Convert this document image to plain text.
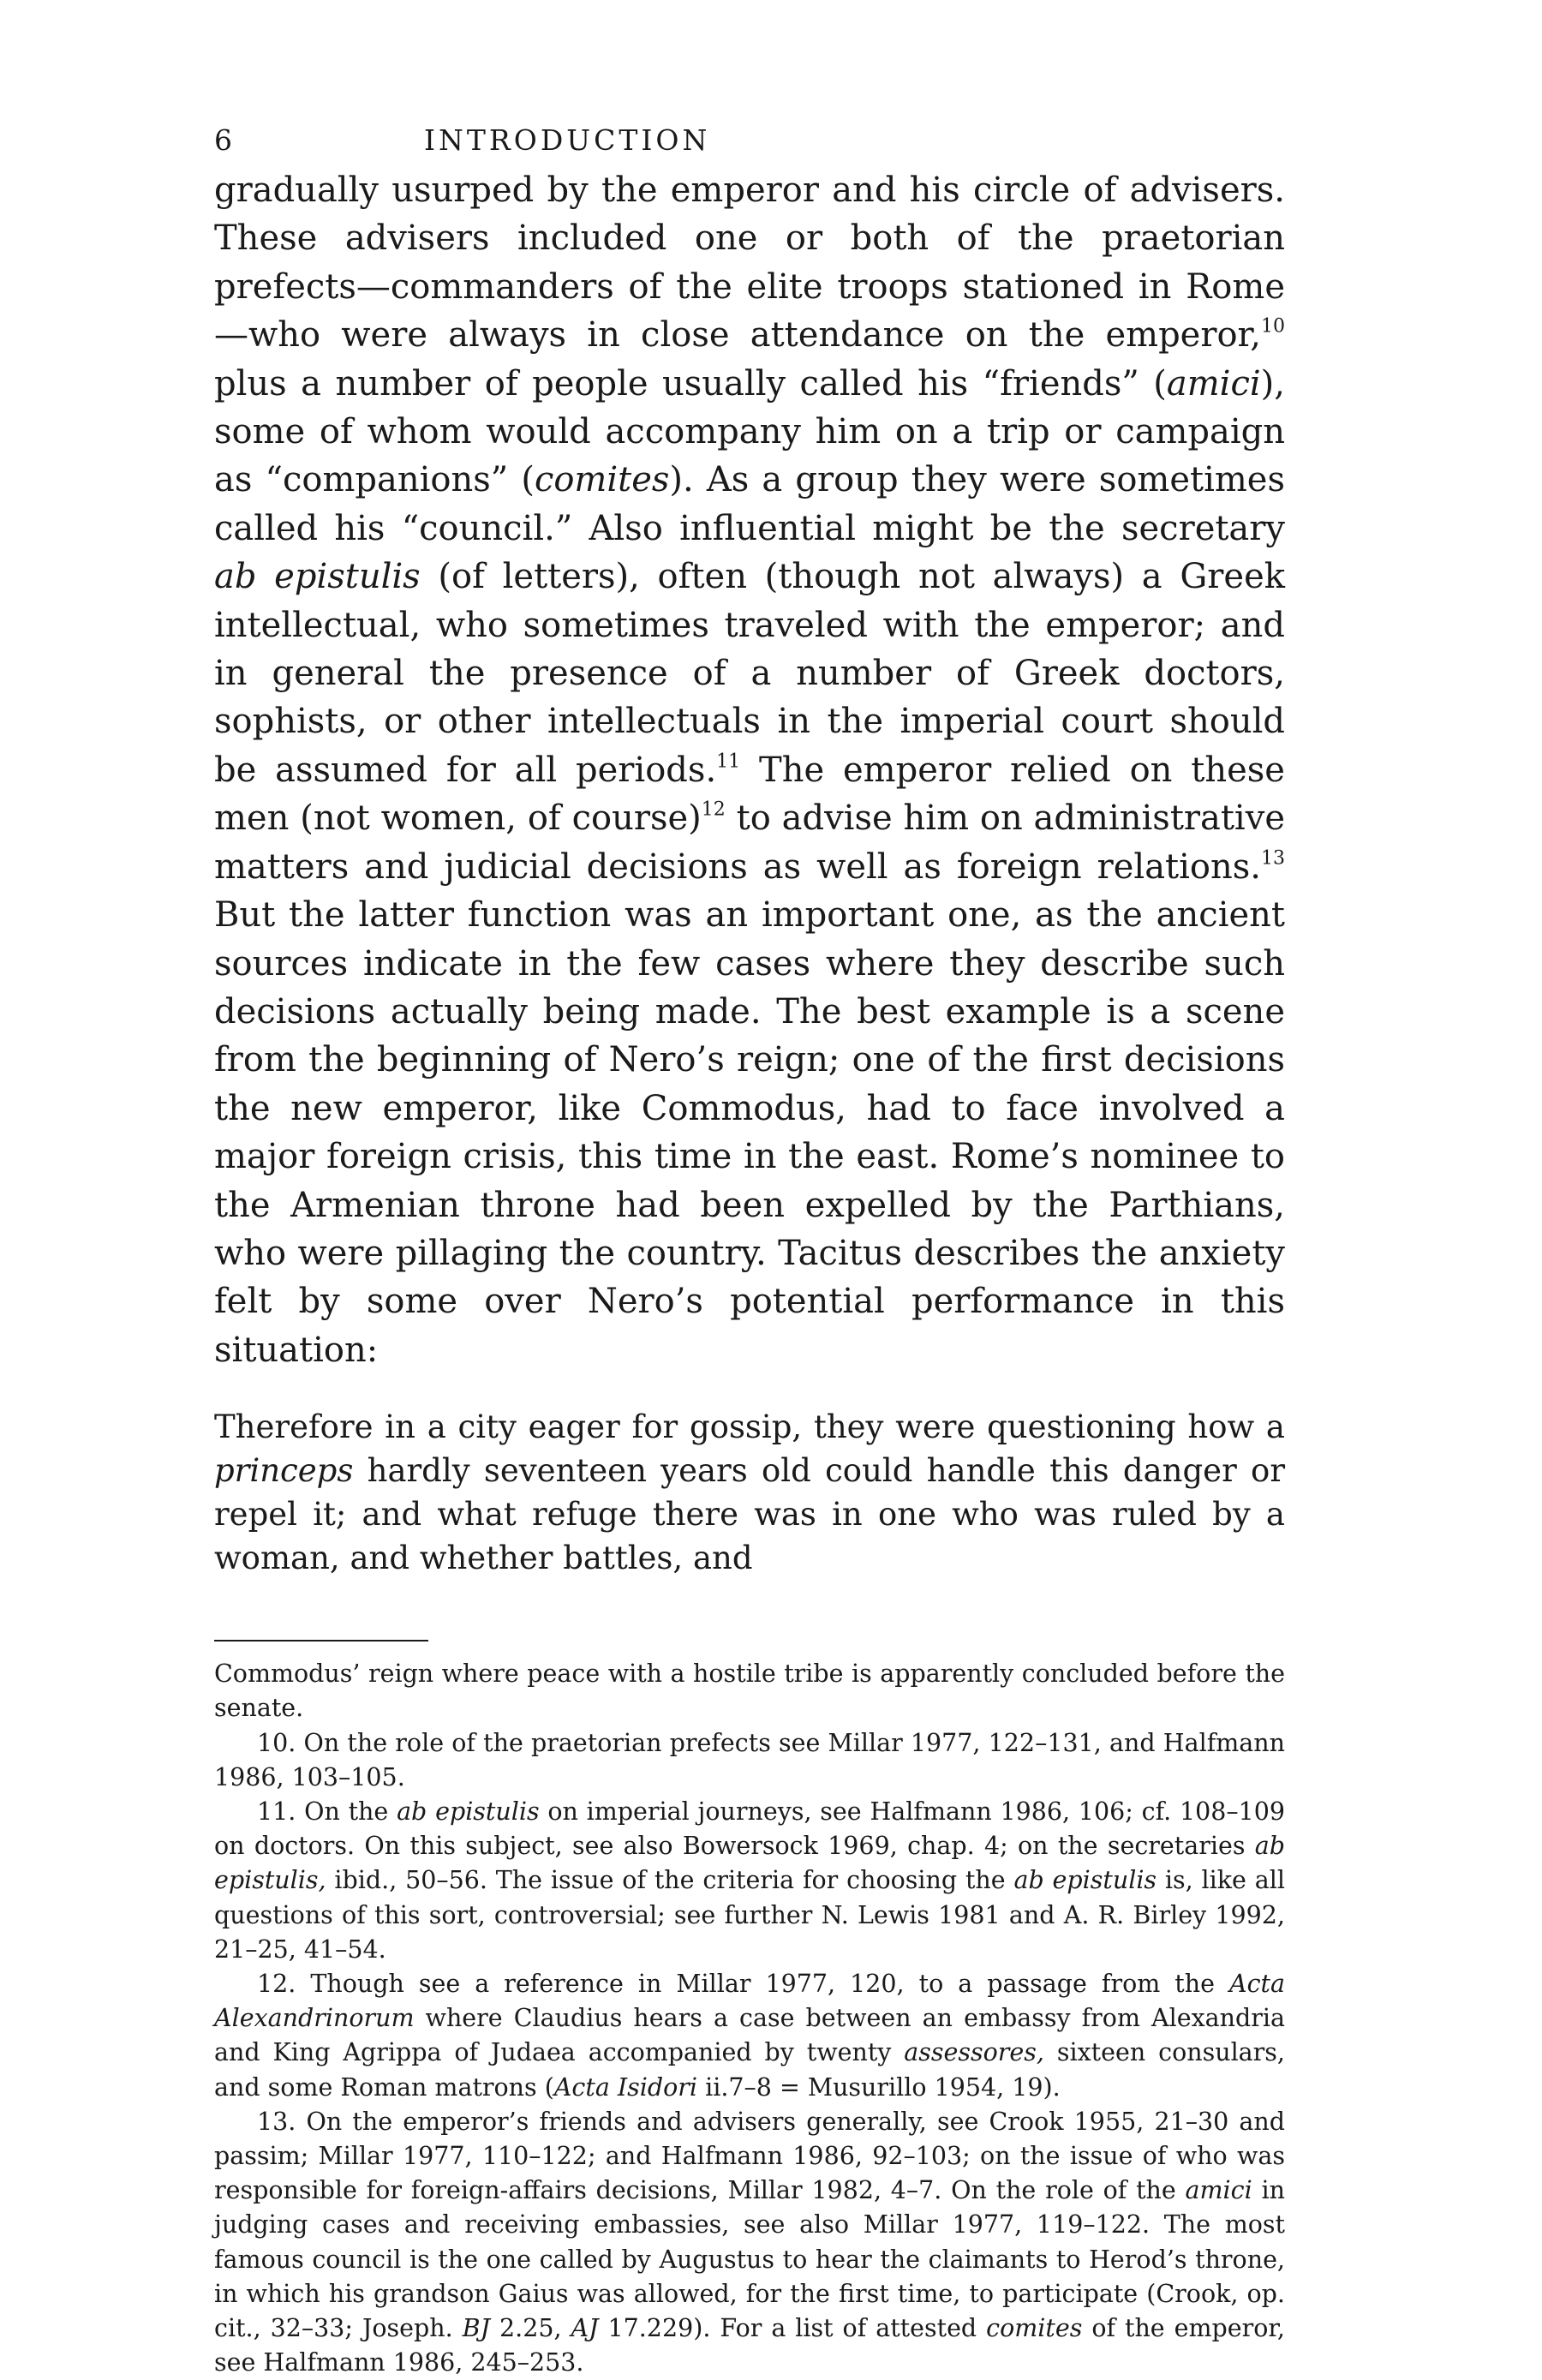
6	INTRODUCTION

gradually usurped by the emperor and his circle of advisers. These advisers included one or both of the praetorian prefects—commanders of the elite troops stationed in Rome—who were always in close attendance on the emperor,$^{10}$ plus a number of people usually called his “friends” (amici), some of whom would accompany him on a trip or campaign as “companions” (comites). As a group they were sometimes called his “council.” Also influential might be the secretary ab epistulis (of letters), often (though not always) a Greek intellectual, who sometimes traveled with the emperor; and in general the presence of a number of Greek doctors, sophists, or other intellectuals in the imperial court should be assumed for all periods.$^{11}$ The emperor relied on these men (not women, of course)$^{12}$ to advise him on administrative matters and judicial decisions as well as foreign relations.$^{13}$ But the latter function was an important one, as the ancient sources indicate in the few cases where they describe such decisions actually being made. The best example is a scene from the beginning of Nero’s reign; one of the first decisions the new emperor, like Commodus, had to face involved a major foreign crisis, this time in the east. Rome’s nominee to the Armenian throne had been expelled by the Parthians, who were pillaging the country. Tacitus describes the anxiety felt by some over Nero’s potential performance in this situation:

Therefore in a city eager for gossip, they were questioning how a princeps hardly seventeen years old could handle this danger or repel it; and what refuge there was in one who was ruled by a woman, and whether battles, and

Commodus’ reign where peace with a hostile tribe is apparently concluded before the senate.

10. On the role of the praetorian prefects see Millar 1977, 122–131, and Halfmann 1986, 103–105.

11. On the ab epistulis on imperial journeys, see Halfmann 1986, 106; cf. 108–109 on doctors. On this subject, see also Bowersock 1969, chap. 4; on the secretaries ab epistulis, ibid., 50–56. The issue of the criteria for choosing the ab epistulis is, like all questions of this sort, controversial; see further N. Lewis 1981 and A. R. Birley 1992, 21–25, 41–54.

12. Though see a reference in Millar 1977, 120, to a passage from the Acta Alexandrinorum where Claudius hears a case between an embassy from Alexandria and King Agrippa of Judaea accompanied by twenty assessores, sixteen consulars, and some Roman matrons (Acta Isidori ii.7–8 = Musurillo 1954, 19).

13. On the emperor’s friends and advisers generally, see Crook 1955, 21–30 and passim; Millar 1977, 110–122; and Halfmann 1986, 92–103; on the issue of who was responsible for foreign-affairs decisions, Millar 1982, 4–7. On the role of the amici in judging cases and receiving embassies, see also Millar 1977, 119–122. The most famous council is the one called by Augustus to hear the claimants to Herod’s throne, in which his grandson Gaius was allowed, for the first time, to participate (Crook, op. cit., 32–33; Joseph. BJ 2.25, AJ 17.229). For a list of attested comites of the emperor, see Halfmann 1986, 245–253.
